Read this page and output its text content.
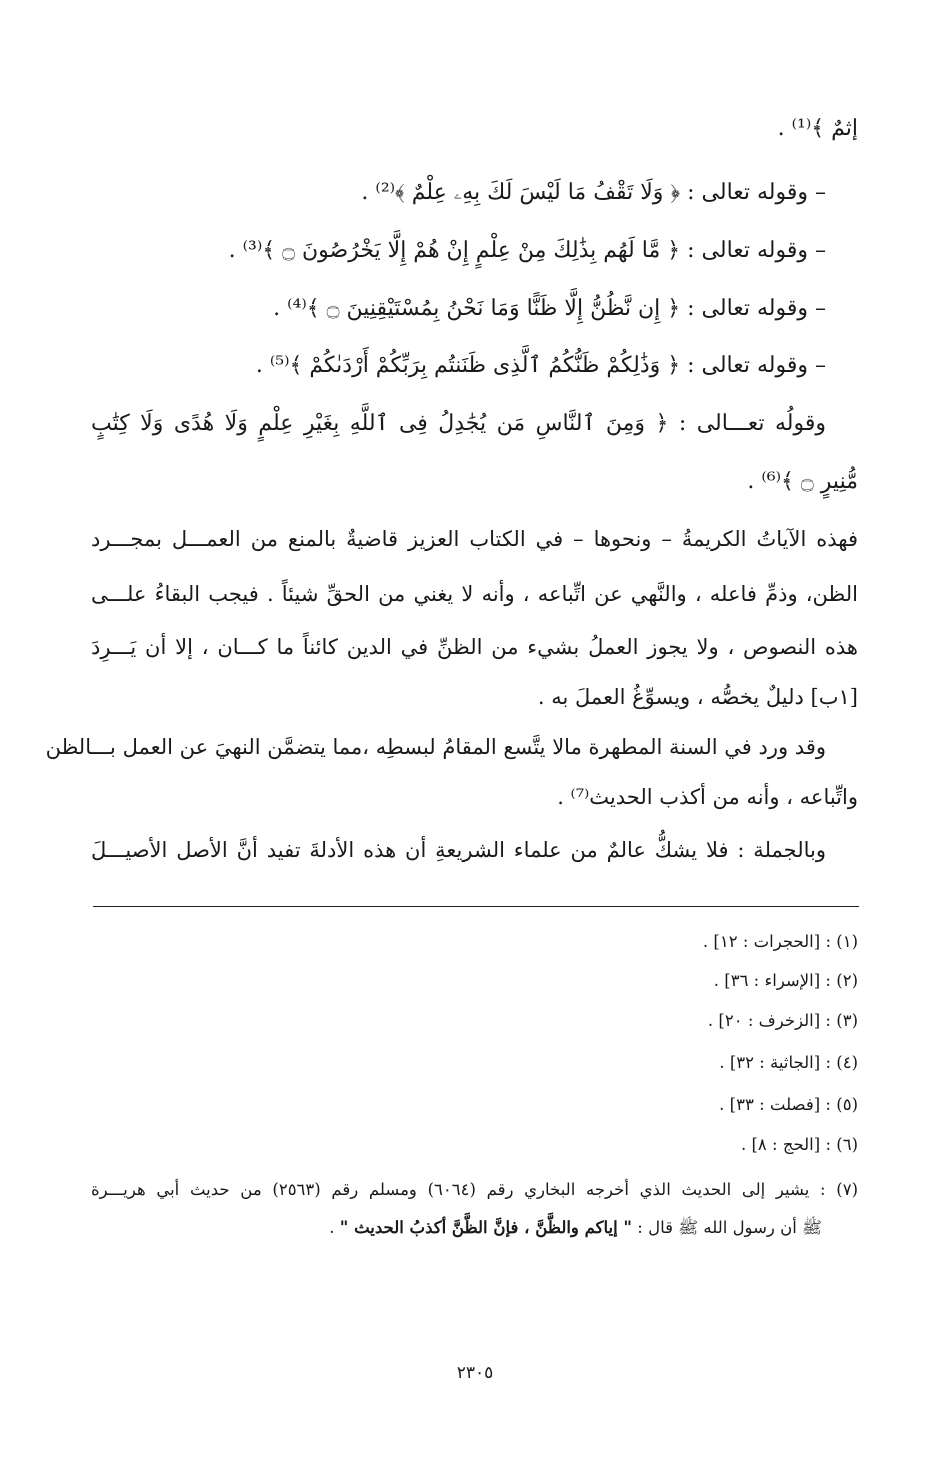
إثمٌ ﴾⁽¹⁾ .
– وقوله تعالى : ﴿ وَلَا تَقْفُ مَا لَيْسَ لَكَ بِهِۦ عِلْمٌ ﴾⁽²⁾ .
– وقوله تعالى : ﴿ مَّا لَهُم بِذَٰلِكَ مِنْ عِلْمٍ إِنْ هُمْ إِلَّا يَخْرُصُونَ ۝ ﴾⁽³⁾ .
– وقوله تعالى : ﴿ إِن نَّظُنُّ إِلَّا ظَنًّا وَمَا نَحْنُ بِمُسْتَيْقِنِينَ ۝ ﴾⁽⁴⁾ .
– وقوله تعالى : ﴿ وَذَٰلِكُمْ ظَنُّكُمُ ٱلَّذِى ظَنَنتُم بِرَبِّكُمْ أَرْدَىٰكُمْ ﴾⁽⁵⁾ .
وقولُه تعـــالى : ﴿ وَمِنَ ٱلنَّاسِ مَن يُجَٰدِلُ فِى ٱللَّهِ بِغَيْرِ عِلْمٍ وَلَا هُدًى وَلَا كِتَٰبٍ
مُّنِيرٍ ۝ ﴾⁽⁶⁾ .
فهذه الآياتُ الكريمةُ – ونحوها – في الكتاب العزيز قاضيةٌ بالمنع من العمـــل بمجـــرد
الظن، وذمِّ فاعله ، والنَّهي عن اتِّباعه ، وأنه لا يغني من الحقِّ شيئاً . فيجب البقاءُ علـــى
هذه النصوص ، ولا يجوز العملُ بشيء من الظنِّ في الدين كائناً ما كـــان ، إلا أن يَـــرِدَ
[١ب] دليلٌ يخصُّه ، ويسوِّغُ العملَ به .
وقد ورد في السنة المطهرة مالا يتَّسع المقامُ لبسطِه ،مما يتضمَّن النهيَ عن العمل بـــالظن
واتِّباعه ، وأنه من أكذب الحديث⁽⁷⁾ .
وبالجملة : فلا يشكُّ عالمٌ من علماء الشريعةِ أن هذه الأدلةَ تفيد أنَّ الأصل الأصيـــلَ
(١) : [الحجرات : ١٢] .
(٢) : [الإسراء : ٣٦] .
(٣) : [الزخرف : ٢٠] .
(٤) : [الجاثية : ٣٢] .
(٥) : [فصلت : ٣٣] .
(٦) : [الحج : ٨] .
(٧) : يشير إلى الحديث الذي أخرجه البخاري رقم (٦٠٦٤) ومسلم رقم (٢٥٦٣) من حديث أبي هريـــرة
ﷺ أن رسول الله ﷺ قال : " إياكم والظَّنَّ ، فإنَّ الظَّنَّ أكذبُ الحديث " .
٢٣٠٥
